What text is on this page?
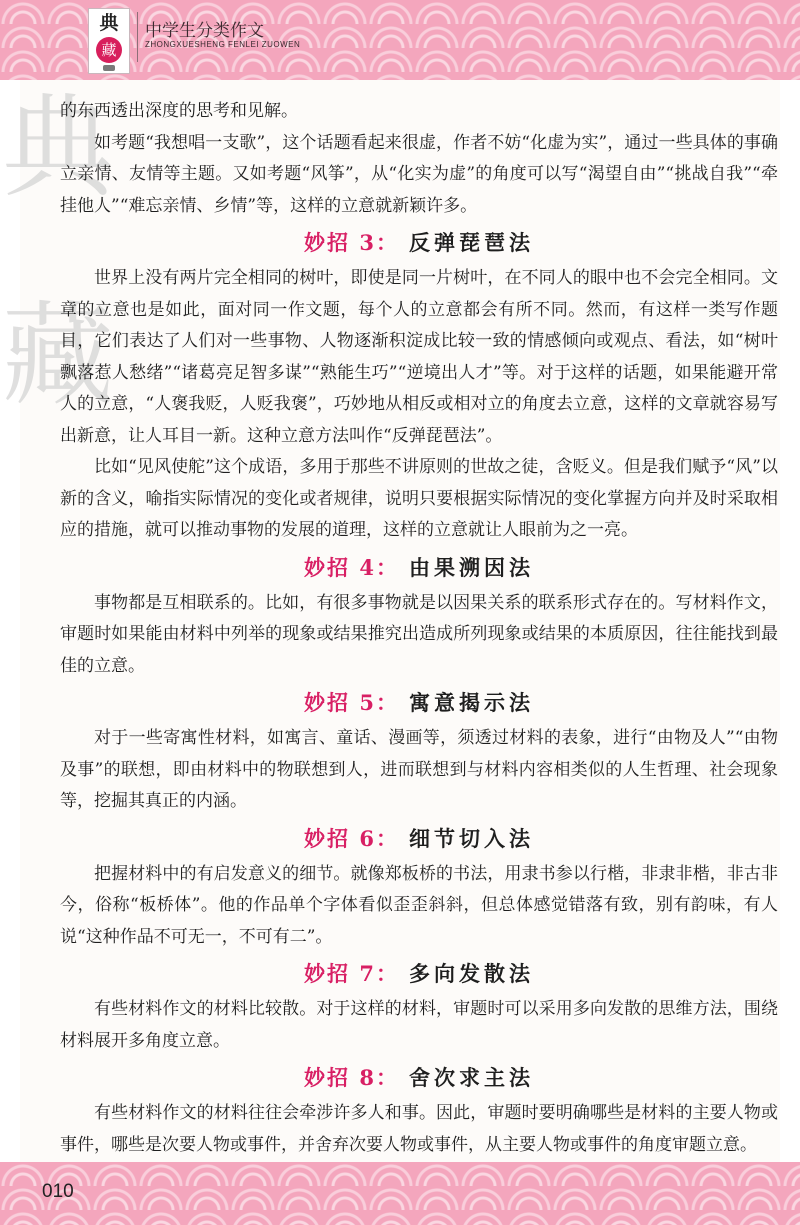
典
藏
中学生分类作文
ZHONGXUESHENG FENLEI ZUOWEN
典
藏

的东西透出深度的思考和见解。

如考题“我想唱一支歌”，这个话题看起来很虚，作者不妨“化虚为实”，通过一些具体的事确立亲情、友情等主题。又如考题“风筝”，从“化实为虚”的角度可以写“渴望自由”“挑战自我”“牵挂他人”“难忘亲情、乡情”等，这样的立意就新颖许多。

妙招 3： 反弹琵琶法

世界上没有两片完全相同的树叶，即使是同一片树叶，在不同人的眼中也不会完全相同。文章的立意也是如此，面对同一作文题，每个人的立意都会有所不同。然而，有这样一类写作题目，它们表达了人们对一些事物、人物逐渐积淀成比较一致的情感倾向或观点、看法，如“树叶飘落惹人愁绪”“诸葛亮足智多谋”“熟能生巧”“逆境出人才”等。对于这样的话题，如果能避开常人的立意，“人褒我贬，人贬我褒”，巧妙地从相反或相对立的角度去立意，这样的文章就容易写出新意，让人耳目一新。这种立意方法叫作“反弹琵琶法”。

比如“见风使舵”这个成语，多用于那些不讲原则的世故之徒，含贬义。但是我们赋予“风”以新的含义，喻指实际情况的变化或者规律，说明只要根据实际情况的变化掌握方向并及时采取相应的措施，就可以推动事物的发展的道理，这样的立意就让人眼前为之一亮。

妙招 4： 由果溯因法

事物都是互相联系的。比如，有很多事物就是以因果关系的联系形式存在的。写材料作文，审题时如果能由材料中列举的现象或结果推究出造成所列现象或结果的本质原因，往往能找到最佳的立意。

妙招 5： 寓意揭示法

对于一些寄寓性材料，如寓言、童话、漫画等，须透过材料的表象，进行“由物及人”“由物及事”的联想，即由材料中的物联想到人，进而联想到与材料内容相类似的人生哲理、社会现象等，挖掘其真正的内涵。

妙招 6： 细节切入法

把握材料中的有启发意义的细节。就像郑板桥的书法，用隶书参以行楷，非隶非楷，非古非今，俗称“板桥体”。他的作品单个字体看似歪歪斜斜，但总体感觉错落有致，别有韵味，有人说“这种作品不可无一，不可有二”。

妙招 7： 多向发散法

有些材料作文的材料比较散。对于这样的材料，审题时可以采用多向发散的思维方法，围绕材料展开多角度立意。

妙招 8： 舍次求主法

有些材料作文的材料往往会牵涉许多人和事。因此，审题时要明确哪些是材料的主要人物或事件，哪些是次要人物或事件，并舍弃次要人物或事件，从主要人物或事件的角度审题立意。

010
